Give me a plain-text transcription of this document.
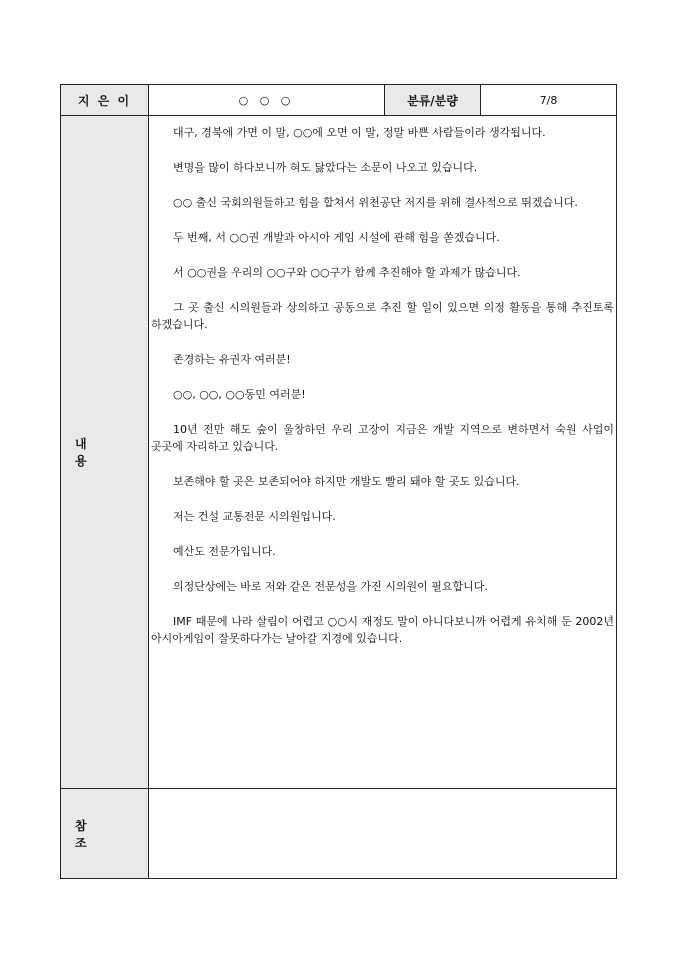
지 은 이	○ ○ ○	분류/분량	7/8
내 용

대구, 경북에 가면 이 말, ○○에 오면 이 말, 정말 바쁜 사람들이라 생각됩니다.

변명을 많이 하다보니까 혀도 닳았다는 소문이 나오고 있습니다.

○○ 출신 국회의원들하고 힘을 합쳐서 위천공단 저지를 위해 결사적으로 뛰겠습니다.

두 번째, 서 ○○권 개발과 아시아 게임 시설에 관해 힘을 쏟겠습니다.

서 ○○권을 우리의 ○○구와 ○○구가 함께 추진해야 할 과제가 많습니다.

그 곳 출신 시의원들과 상의하고 공동으로 추진 할 일이 있으면 의정 활동을 통해 추진토록 하겠습니다.

존경하는 유권자 여러분!

○○, ○○, ○○동민 여러분!

10년 전만 해도 숲이 울창하던 우리 고장이 지금은 개발 지역으로 변하면서 숙원 사업이 곳곳에 자리하고 있습니다.

보존해야 할 곳은 보존되어야 하지만 개발도 빨리 돼야 할 곳도 있습니다.

저는 건설 교통전문 시의원입니다.

예산도 전문가입니다.

의정단상에는 바로 저와 같은 전문성을 가진 시의원이 필요합니다.

IMF 때문에 나라 살림이 어렵고 ○○시 재정도 말이 아니다보니까 어렵게 유치해 둔 2002년 아시아게임이 잘못하다가는 날아갈 지경에 있습니다.

참 조
